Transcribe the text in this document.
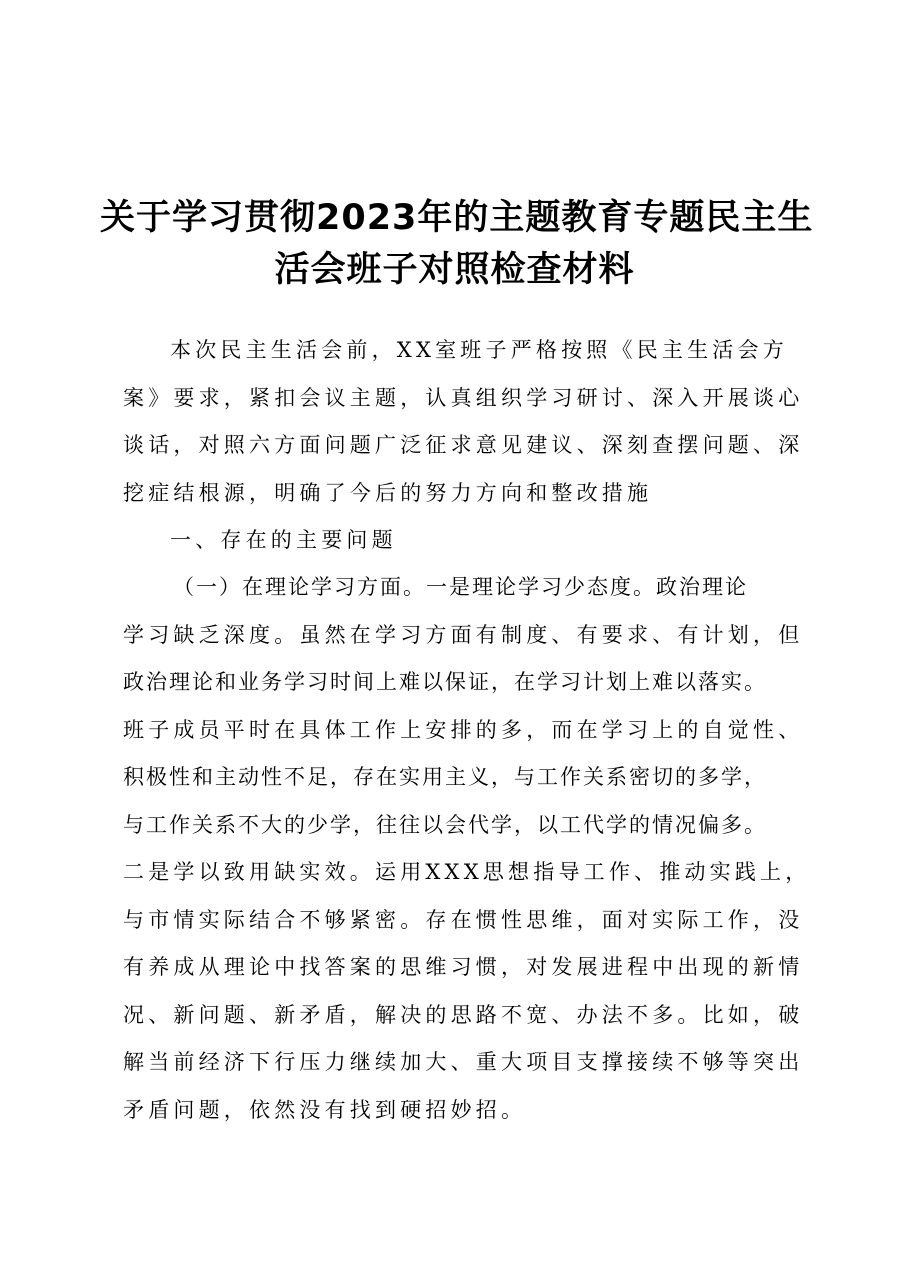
关于学习贯彻2023年的主题教育专题民主生
活会班子对照检查材料
本次民主生活会前，XX室班子严格按照《民主生活会方
案》要求，紧扣会议主题，认真组织学习研讨、深入开展谈心
谈话，对照六方面问题广泛征求意见建议、深刻查摆问题、深
挖症结根源，明确了今后的努力方向和整改措施
一、存在的主要问题
（一）在理论学习方面。一是理论学习少态度。政治理论
学习缺乏深度。虽然在学习方面有制度、有要求、有计划，但
政治理论和业务学习时间上难以保证，在学习计划上难以落实。
班子成员平时在具体工作上安排的多，而在学习上的自觉性、
积极性和主动性不足，存在实用主义，与工作关系密切的多学，
与工作关系不大的少学，往往以会代学，以工代学的情况偏多。
二是学以致用缺实效。运用XXX思想指导工作、推动实践上，
与市情实际结合不够紧密。存在惯性思维，面对实际工作，没
有养成从理论中找答案的思维习惯，对发展进程中出现的新情
况、新问题、新矛盾，解决的思路不宽、办法不多。比如，破
解当前经济下行压力继续加大、重大项目支撑接续不够等突出
矛盾问题，依然没有找到硬招妙招。
